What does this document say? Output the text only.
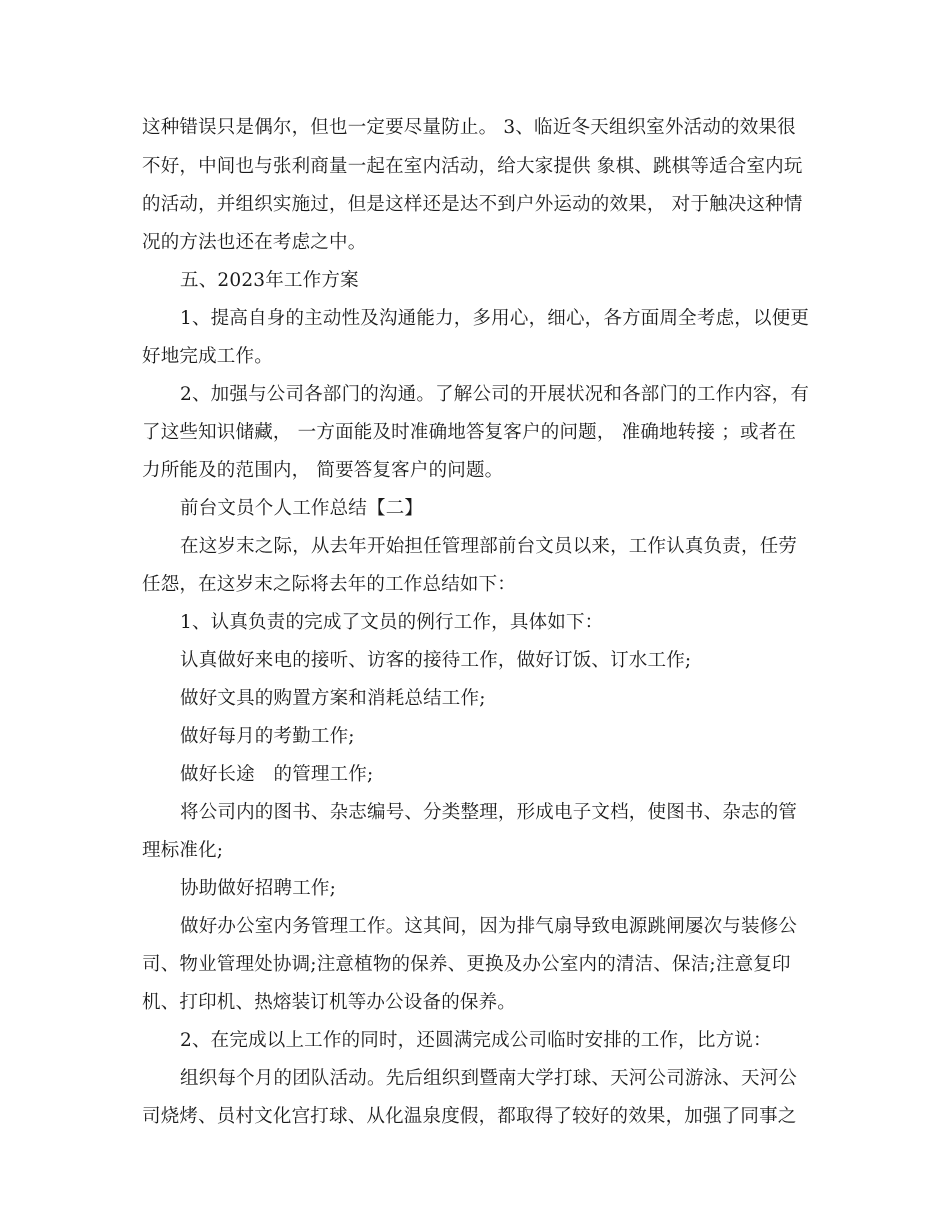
这种错误只是偶尔，但也一定要尽量防止。 3、临近冬天组织室外活动的效果很
不好，中间也与张利商量一起在室内活动，给大家提供 象棋、跳棋等适合室内玩
的活动，并组织实施过，但是这样还是达不到户外运动的效果， 对于触决这种情
况的方法也还在考虑之中。
五、2023年工作方案
1、提高自身的主动性及沟通能力，多用心，细心，各方面周全考虑，以便更
好地完成工作。
2、加强与公司各部门的沟通。了解公司的开展状况和各部门的工作内容，有
了这些知识储藏， 一方面能及时准确地答复客户的问题， 准确地转接 ；或者在
力所能及的范围内， 简要答复客户的问题。
前台文员个人工作总结【二】
在这岁末之际，从去年开始担任管理部前台文员以来，工作认真负责，任劳
任怨，在这岁末之际将去年的工作总结如下：
1、认真负责的完成了文员的例行工作，具体如下：
认真做好来电的接听、访客的接待工作，做好订饭、订水工作;
做好文具的购置方案和消耗总结工作;
做好每月的考勤工作;
做好长途　的管理工作;
将公司内的图书、杂志编号、分类整理，形成电子文档，使图书、杂志的管
理标准化;
协助做好招聘工作;
做好办公室内务管理工作。这其间，因为排气扇导致电源跳闸屡次与装修公
司、物业管理处协调;注意植物的保养、更换及办公室内的清洁、保洁;注意复印
机、打印机、热熔装订机等办公设备的保养。
2、在完成以上工作的同时，还圆满完成公司临时安排的工作，比方说：
组织每个月的团队活动。先后组织到暨南大学打球、天河公司游泳、天河公
司烧烤、员村文化宫打球、从化温泉度假，都取得了较好的效果，加强了同事之
